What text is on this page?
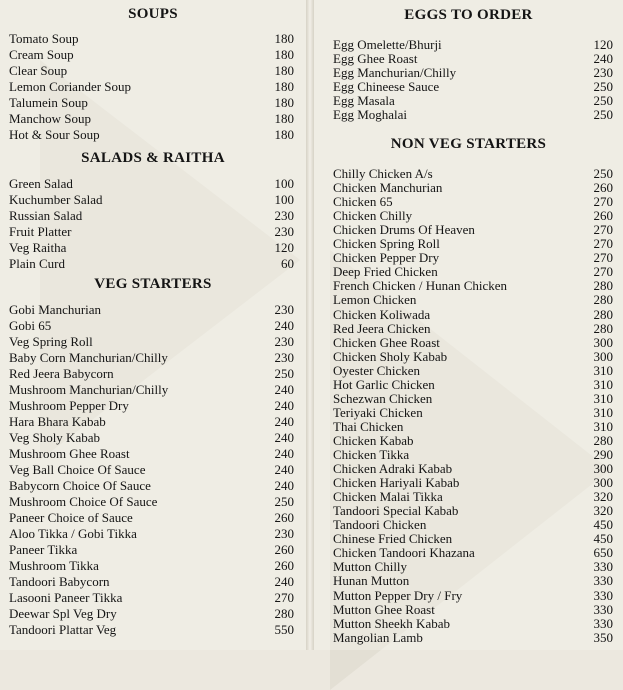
SOUPS
Tomato Soup	180
Cream Soup	180
Clear Soup	180
Lemon Coriander Soup	180
Talumein Soup	180
Manchow Soup	180
Hot & Sour Soup	180
SALADS & RAITHA
Green Salad	100
Kuchumber Salad	100
Russian Salad	230
Fruit Platter	230
Veg Raitha	120
Plain Curd	60
VEG STARTERS
Gobi Manchurian	230
Gobi 65	240
Veg Spring Roll	230
Baby Corn Manchurian/Chilly	230
Red Jeera Babycorn	250
Mushroom Manchurian/Chilly	240
Mushroom Pepper Dry	240
Hara Bhara Kabab	240
Veg Sholy Kabab	240
Mushroom Ghee Roast	240
Veg Ball Choice Of Sauce	240
Babycorn Choice Of Sauce	240
Mushroom Choice Of Sauce	250
Paneer Choice of Sauce	260
Aloo Tikka / Gobi Tikka	230
Paneer Tikka	260
Mushroom Tikka	260
Tandoori Babycorn	240
Lasooni Paneer Tikka	270
Deewar Spl Veg Dry	280
Tandoori Plattar Veg	550
EGGS TO ORDER
Egg Omelette/Bhurji	120
Egg Ghee Roast	240
Egg Manchurian/Chilly	230
Egg Chineese Sauce	250
Egg Masala	250
Egg Moghalai	250
NON VEG STARTERS
Chilly Chicken A/s	250
Chicken Manchurian	260
Chicken 65	270
Chicken Chilly	260
Chicken Drums Of Heaven	270
Chicken Spring Roll	270
Chicken Pepper Dry	270
Deep Fried Chicken	270
French Chicken / Hunan Chicken	280
Lemon Chicken	280
Chicken Koliwada	280
Red Jeera Chicken	280
Chicken Ghee Roast	300
Chicken Sholy Kabab	300
Oyester Chicken	310
Hot Garlic Chicken	310
Schezwan Chicken	310
Teriyaki Chicken	310
Thai Chicken	310
Chicken Kabab	280
Chicken Tikka	290
Chicken Adraki Kabab	300
Chicken Hariyali Kabab	300
Chicken Malai Tikka	320
Tandoori Special Kabab	320
Tandoori Chicken	450
Chinese Fried Chicken	450
Chicken Tandoori Khazana	650
Mutton Chilly	330
Hunan Mutton	330
Mutton Pepper Dry / Fry	330
Mutton Ghee Roast	330
Mutton Sheekh Kabab	330
Mangolian Lamb	350
